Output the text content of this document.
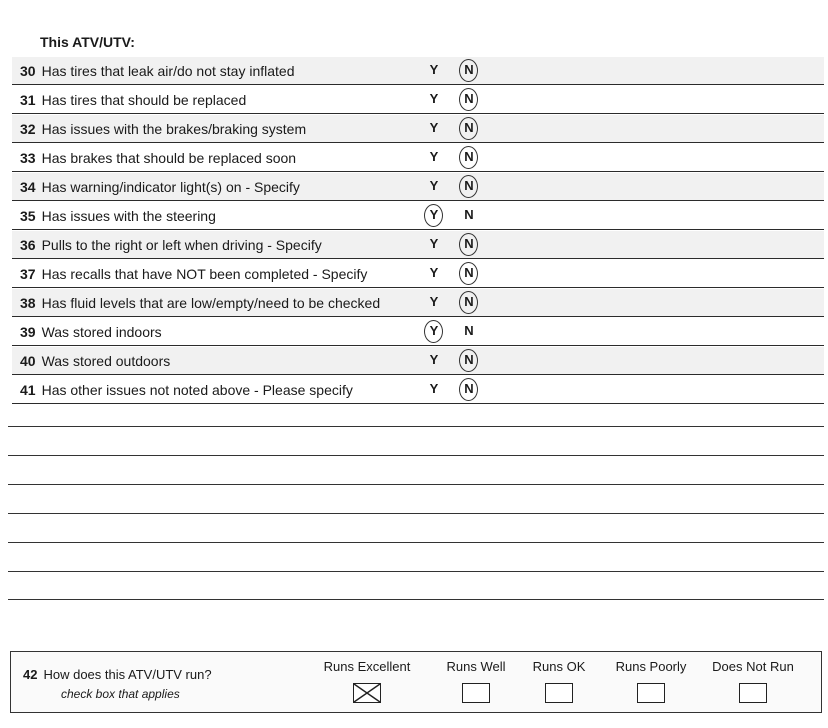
This ATV/UTV:
30 Has tires that leak air/do not stay inflated	Y N
31 Has tires that should be replaced	Y N
32 Has issues with the brakes/braking system	Y N
33 Has brakes that should be replaced soon	Y N
34 Has warning/indicator light(s) on - Specify	Y N
35 Has issues with the steering	Y N
36 Pulls to the right or left when driving - Specify	Y N
37 Has recalls that have NOT been completed - Specify	Y N
38 Has fluid levels that are low/empty/need to be checked	Y N
39 Was stored indoors	Y N
40 Was stored outdoors	Y N
41 Has other issues not noted above - Please specify	Y N
42 How does this ATV/UTV run?
check box that applies
Runs Excellent	Runs Well	Runs OK	Runs Poorly	Does Not Run
